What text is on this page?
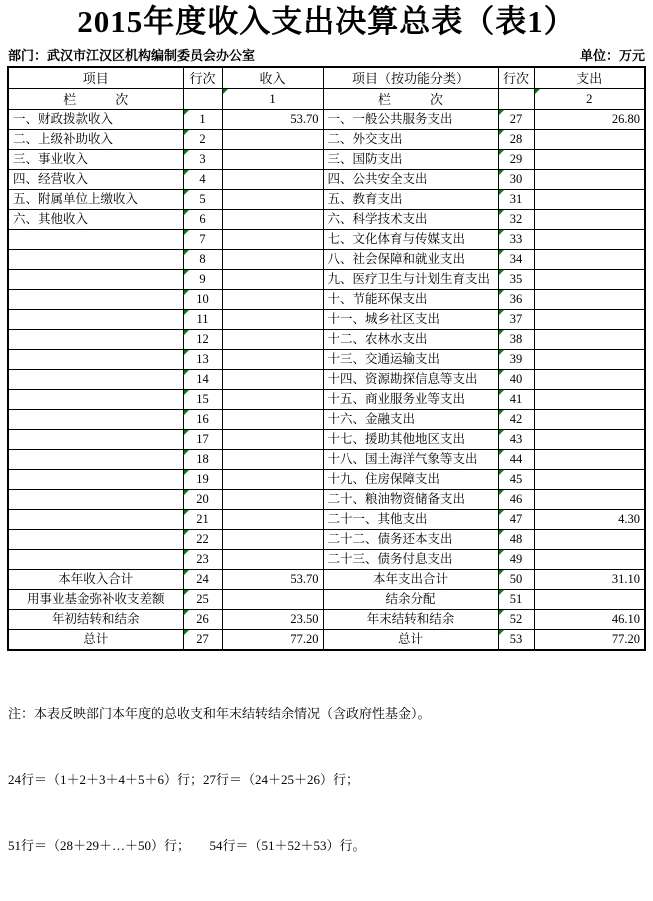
2015年度收入支出决算总表（表1）
部门：武汉市江汉区机构编制委员会办公室	单位：万元
项目	行次	收入	项目（按功能分类）	行次	支出
栏　　　次		1	栏　　　次		2
一、财政拨款收入	1	53.70	一、一般公共服务支出	27	26.80
二、上级补助收入	2		二、外交支出	28	
三、事业收入	3		三、国防支出	29	
四、经营收入	4		四、公共安全支出	30	
五、附属单位上缴收入	5		五、教育支出	31	
六、其他收入	6		六、科学技术支出	32	
	7		七、文化体育与传媒支出	33	
	8		八、社会保障和就业支出	34	
	9		九、医疗卫生与计划生育支出	35	
	10		十、节能环保支出	36	
	11		十一、城乡社区支出	37	
	12		十二、农林水支出	38	
	13		十三、交通运输支出	39	
	14		十四、资源勘探信息等支出	40	
	15		十五、商业服务业等支出	41	
	16		十六、金融支出	42	
	17		十七、援助其他地区支出	43	
	18		十八、国土海洋气象等支出	44	
	19		十九、住房保障支出	45	
	20		二十、粮油物资储备支出	46	
	21		二十一、其他支出	47	4.30
	22		二十二、债务还本支出	48	
	23		二十三、债务付息支出	49	
本年收入合计	24	53.70	本年支出合计	50	31.10
用事业基金弥补收支差额	25		结余分配	51	
年初结转和结余	26	23.50	年末结转和结余	52	46.10
总计	27	77.20	总计	53	77.20

注：本表反映部门本年度的总收支和年末结转结余情况（含政府性基金）。

24行＝（1＋2＋3＋4＋5＋6）行；27行＝（24＋25＋26）行；

51行＝（28＋29＋…＋50）行；　　54行＝（51＋52＋53）行。
